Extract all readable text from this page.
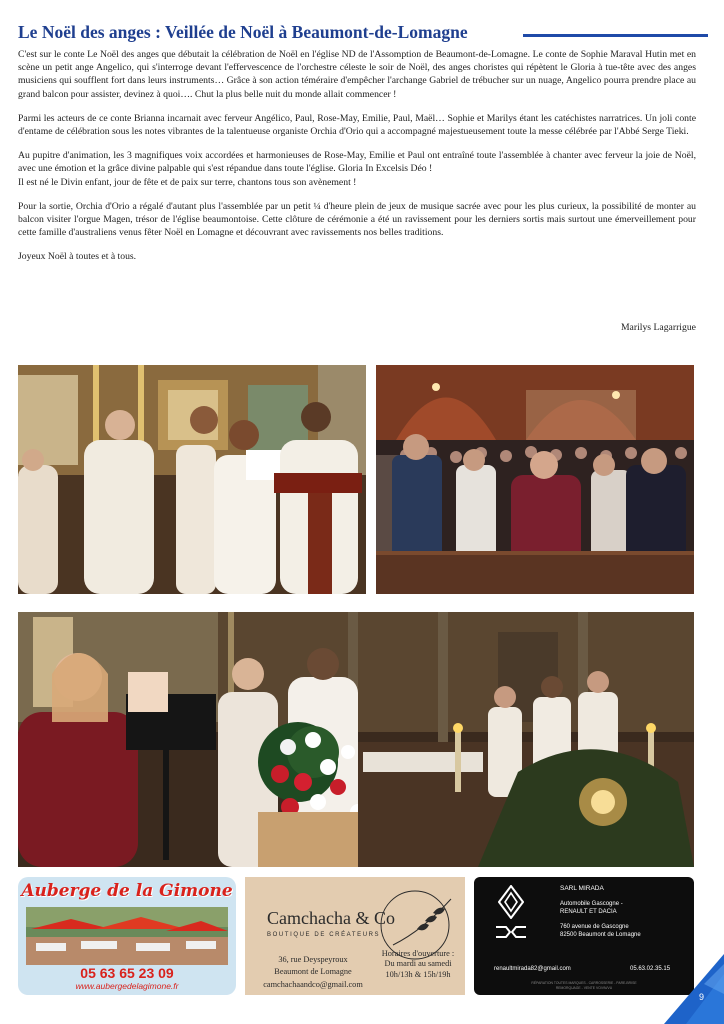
Le Noël des anges : Veillée de Noël à Beaumont-de-Lomagne

C'est sur le conte Le Noël des anges que débutait la célébration de Noël en l'église ND de l'Assomption de Beaumont-de-Lomagne. Le conte de Sophie Maraval Hutin met en scène un petit ange Angelico, qui s'interroge devant l'effervescence de l'orchestre céleste le soir de Noël, des anges choristes qui répètent le Gloria à tue-tête avec des anges musiciens qui soufflent fort dans leurs instruments… Grâce à son action téméraire d'empêcher l'archange Gabriel de trébucher sur un nuage, Angelico pourra prendre place au grand balcon pour assister, devinez à quoi…. Chut la plus belle nuit du monde allait commencer !

Parmi les acteurs de ce conte Brianna incarnait avec ferveur Angélico, Paul, Rose-May, Emilie, Paul, Maël… Sophie et Marilys étant les catéchistes narratrices. Un joli conte d'entame de célébration sous les notes vibrantes de la talentueuse organiste Orchia d'Orio qui a accompagné majestueusement toute la messe célébrée par l'Abbé Serge Tieki.

Au pupitre d'animation, les 3 magnifiques voix accordées et harmonieuses de Rose-May, Emilie et Paul ont entraîné toute l'assemblée à chanter avec ferveur la joie de Noël, avec une émotion et la grâce divine palpable qui s'est répandue dans toute l'église. Gloria In Excelsis Déo !

Il est né le Divin enfant, jour de fête et de paix sur terre, chantons tous son avènement !

Pour la sortie, Orchia d'Orio a régalé d'autant plus l'assemblée par un petit ¼ d'heure plein de jeux de musique sacrée avec pour les plus curieux, la possibilité de monter au balcon visiter l'orgue Magen, trésor de l'église beaumontoise. Cette clôture de cérémonie a été un ravissement pour les derniers sortis mais surtout une émerveillement pour cette famille d'australiens venus fêter Noël en Lomagne et découvrant avec ravissements nos belles traditions.

Joyeux Noël à toutes et à tous.

Marilys Lagarrigue
Auberge de la Gimone
05 63 65 23 09
www.aubergedelagimone.fr
Camchacha & Co
BOUTIQUE DE CRÉATEURS
36, rue Deyspeyroux
Beaumont de Lomagne
camchachaandco@gmail.com
Horaires d'ouverture :
Du mardi au samedi
10h/13h & 15h/19h
SARL MIRADA
Automobile Gascogne -
RENAULT ET DACIA
760 avenue de Gascogne
82500 Beaumont de Lomagne
renaultmirada82@gmail.com	05.63.02.35.15
RÉPARATION TOUTES MARQUES - CARROSSERIE - PARE-BRISE
REMORQUAGE - VENTE VO/VN/VU
9
